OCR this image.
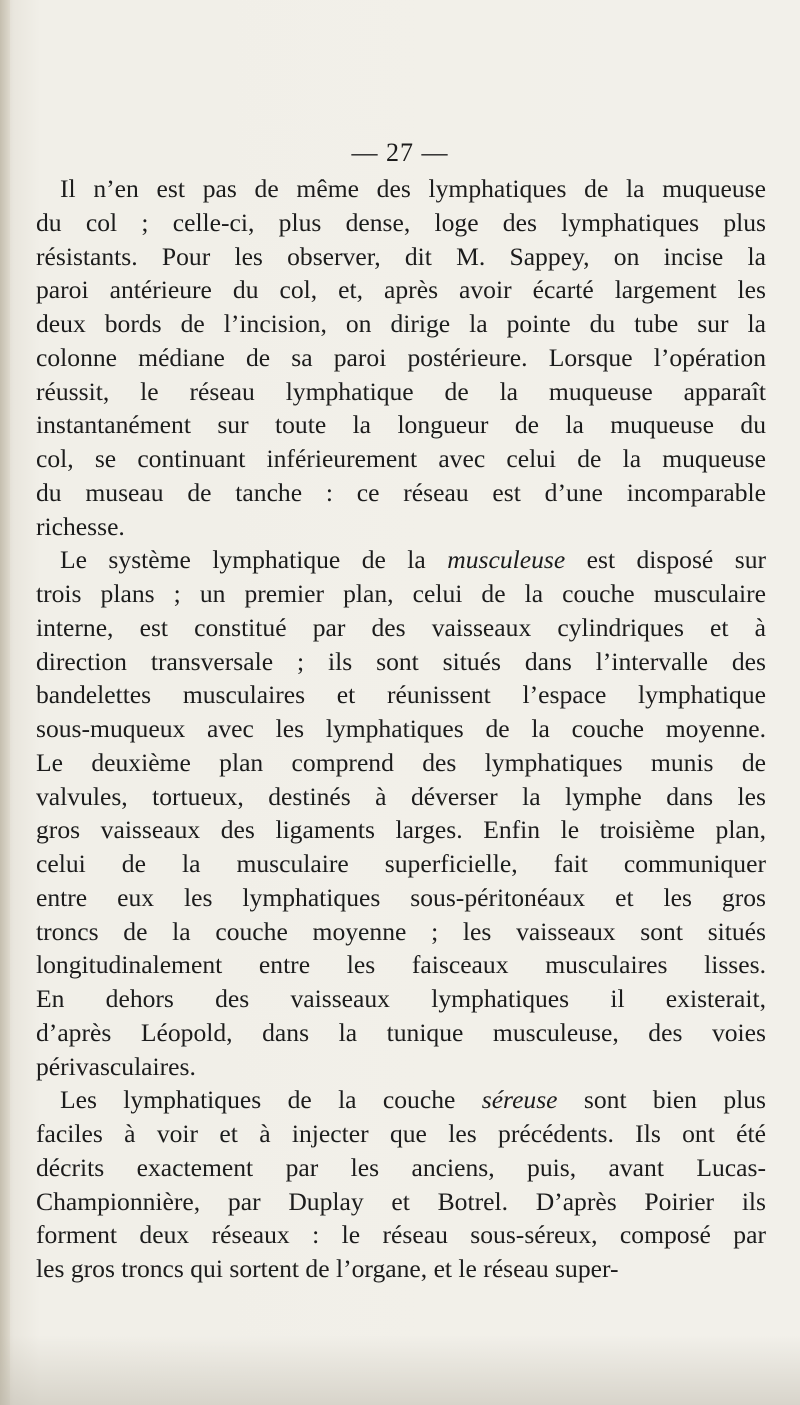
— 27 —

Il n’en est pas de même des lymphatiques de la muqueuse
du col ; celle-ci, plus dense, loge des lymphatiques plus
résistants. Pour les observer, dit M. Sappey, on incise la
paroi antérieure du col, et, après avoir écarté largement les
deux bords de l’incision, on dirige la pointe du tube sur la
colonne médiane de sa paroi postérieure. Lorsque l’opération
réussit, le réseau lymphatique de la muqueuse apparaît
instantanément sur toute la longueur de la muqueuse du
col, se continuant inférieurement avec celui de la muqueuse
du museau de tanche : ce réseau est d’une incomparable
richesse.

Le système lymphatique de la musculeuse est disposé sur
trois plans ; un premier plan, celui de la couche musculaire
interne, est constitué par des vaisseaux cylindriques et à
direction transversale ; ils sont situés dans l’intervalle des
bandelettes musculaires et réunissent l’espace lymphatique
sous-muqueux avec les lymphatiques de la couche moyenne.
Le deuxième plan comprend des lymphatiques munis de
valvules, tortueux, destinés à déverser la lymphe dans les
gros vaisseaux des ligaments larges. Enfin le troisième plan,
celui de la musculaire superficielle, fait communiquer
entre eux les lymphatiques sous-péritonéaux et les gros
troncs de la couche moyenne ; les vaisseaux sont situés
longitudinalement entre les faisceaux musculaires lisses.
En dehors des vaisseaux lymphatiques il existerait,
d’après Léopold, dans la tunique musculeuse, des voies
périvasculaires.

Les lymphatiques de la couche séreuse sont bien plus
faciles à voir et à injecter que les précédents. Ils ont été
décrits exactement par les anciens, puis, avant Lucas-
Championnière, par Duplay et Botrel. D’après Poirier ils
forment deux réseaux : le réseau sous-séreux, composé par
les gros troncs qui sortent de l’organe, et le réseau super-
